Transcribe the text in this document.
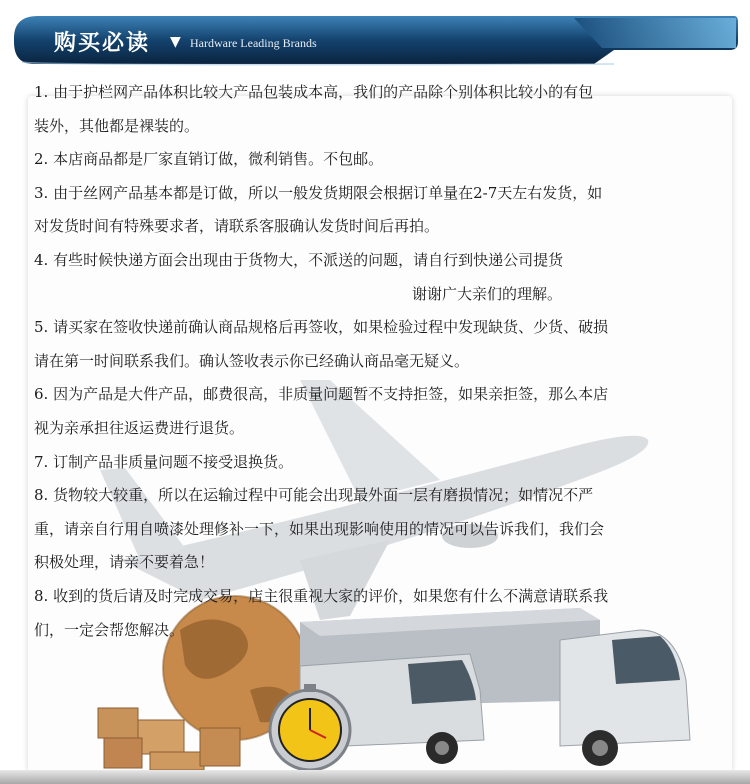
购买必读 ▼ Hardware Leading Brands
1. 由于护栏网产品体积比较大产品包装成本高，我们的产品除个别体积比较小的有包
装外，其他都是裸装的。
2. 本店商品都是厂家直销订做，微利销售。不包邮。
3. 由于丝网产品基本都是订做，所以一般发货期限会根据订单量在2-7天左右发货，如
对发货时间有特殊要求者，请联系客服确认发货时间后再拍。
4. 有些时候快递方面会出现由于货物大，不派送的问题，请自行到快递公司提货
谢谢广大亲们的理解。
5. 请买家在签收快递前确认商品规格后再签收，如果检验过程中发现缺货、少货、破损
请在第一时间联系我们。确认签收表示你已经确认商品毫无疑义。
6. 因为产品是大件产品，邮费很高，非质量问题暂不支持拒签，如果亲拒签，那么本店
视为亲承担往返运费进行退货。
7. 订制产品非质量问题不接受退换货。
8. 货物较大较重，所以在运输过程中可能会出现最外面一层有磨损情况；如情况不严
重，请亲自行用自喷漆处理修补一下，如果出现影响使用的情况可以告诉我们，我们会
积极处理，请亲不要着急！
8. 收到的货后请及时完成交易，店主很重视大家的评价，如果您有什么不满意请联系我
们，一定会帮您解决。
